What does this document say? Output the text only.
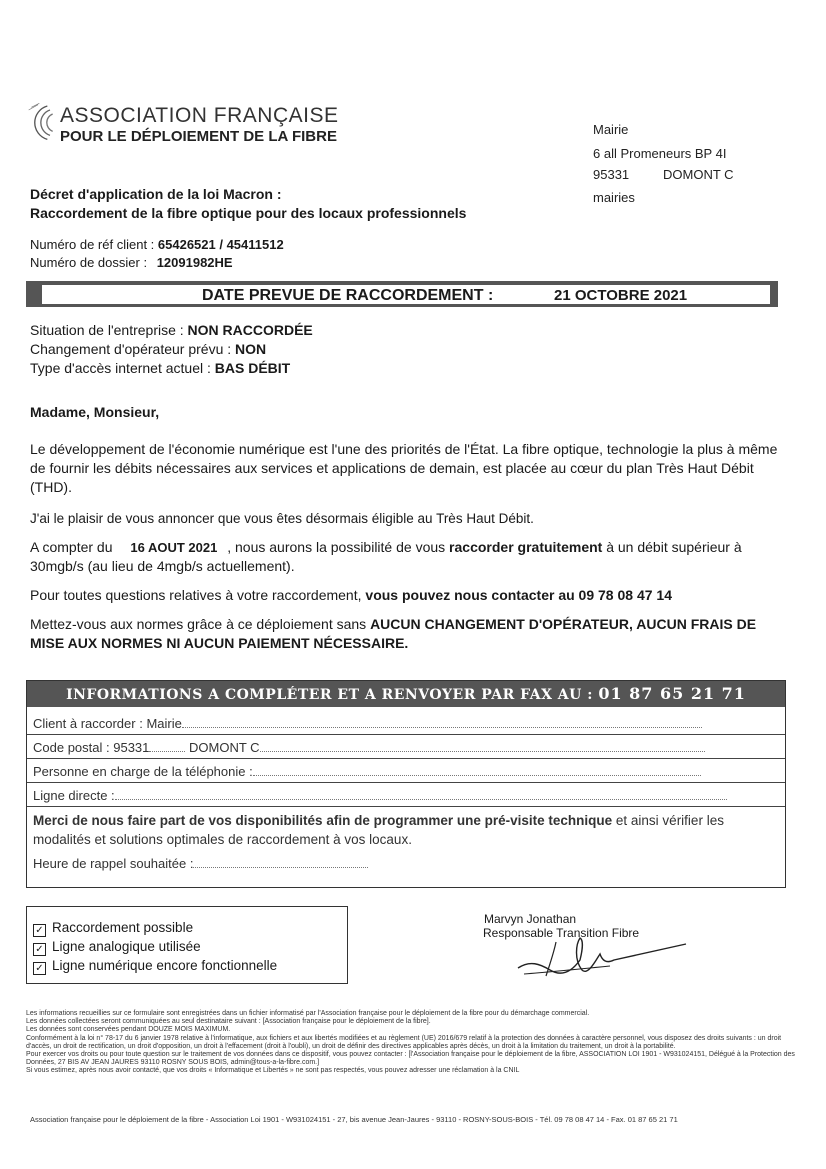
ASSOCIATION FRANÇAISE
POUR LE DÉPLOIEMENT DE LA FIBRE	Mairie
6 all Promeneurs BP 4I
95331	DOMONT C
mairies
Décret d'application de la loi Macron :
Raccordement de la fibre optique pour des locaux professionnels
Numéro de réf client : 65426521 / 45411512
Numéro de dossier : 12091982HE
DATE PREVUE DE RACCORDEMENT :	21 OCTOBRE 2021
Situation de l'entreprise : NON RACCORDÉE
Changement d'opérateur prévu : NON
Type d'accès internet actuel : BAS DÉBIT
Madame, Monsieur,
Le développement de l'économie numérique est l'une des priorités de l'État. La fibre optique, technologie la plus à même de fournir les débits nécessaires aux services et applications de demain, est placée au cœur du plan Très Haut Débit (THD).
J'ai le plaisir de vous annoncer que vous êtes désormais éligible au Très Haut Débit.
A compter du 16 AOUT 2021 , nous aurons la possibilité de vous raccorder gratuitement à un débit supérieur à 30mgb/s (au lieu de 4mgb/s actuellement).
Pour toutes questions relatives à votre raccordement, vous pouvez nous contacter au 09 78 08 47 14
Mettez-vous aux normes grâce à ce déploiement sans AUCUN CHANGEMENT D'OPÉRATEUR, AUCUN FRAIS DE MISE AUX NORMES NI AUCUN PAIEMENT NÉCESSAIRE.
INFORMATIONS A COMPLÉTER ET A RENVOYER PAR FAX AU : 01 87 65 21 71
Client à raccorder : Mairie
Code postal : 95331	DOMONT C
Personne en charge de la téléphonie :
Ligne directe :
Merci de nous faire part de vos disponibilités afin de programmer une pré-visite technique et ainsi vérifier les modalités et solutions optimales de raccordement à vos locaux.
Heure de rappel souhaitée :
✓ Raccordement possible
✓ Ligne analogique utilisée
✓ Ligne numérique encore fonctionnelle
Marvyn Jonathan
Responsable Transition Fibre
Les informations recueillies sur ce formulaire sont enregistrées dans un fichier informatisé par l'Association française pour le déploiement de la fibre pour du démarchage commercial.
Les données collectées seront communiquées au seul destinataire suivant : [Association française pour le déploiement de la fibre].
Les données sont conservées pendant DOUZE MOIS MAXIMUM.
Conformément à la loi n° 78-17 du 6 janvier 1978 relative à l'informatique, aux fichiers et aux libertés modifiées et au règlement (UE) 2016/679 relatif à la protection des données à caractère personnel, vous disposez des droits suivants : un droit d'accès, un droit de rectification, un droit d'opposition, un droit à l'effacement (droit à l'oubli), un droit de définir des directives applicables après décès, un droit à la limitation du traitement, un droit à la portabilité.
Pour exercer vos droits ou pour toute question sur le traitement de vos données dans ce dispositif, vous pouvez contacter : [l'Association française pour le déploiement de la fibre, ASSOCIATION LOI 1901 - W931024151, Délégué à la Protection des Données, 27 BIS AV JEAN JAURES 93110 ROSNY SOUS BOIS, admin@tous-a-la-fibre.com.]
Si vous estimez, après nous avoir contacté, que vos droits « Informatique et Libertés » ne sont pas respectés, vous pouvez adresser une réclamation à la CNIL
Association française pour le déploiement de la fibre - Association Loi 1901 - W931024151 - 27, bis avenue Jean-Jaures - 93110 - ROSNY-SOUS-BOIS - Tél. 09 78 08 47 14 - Fax. 01 87 65 21 71
